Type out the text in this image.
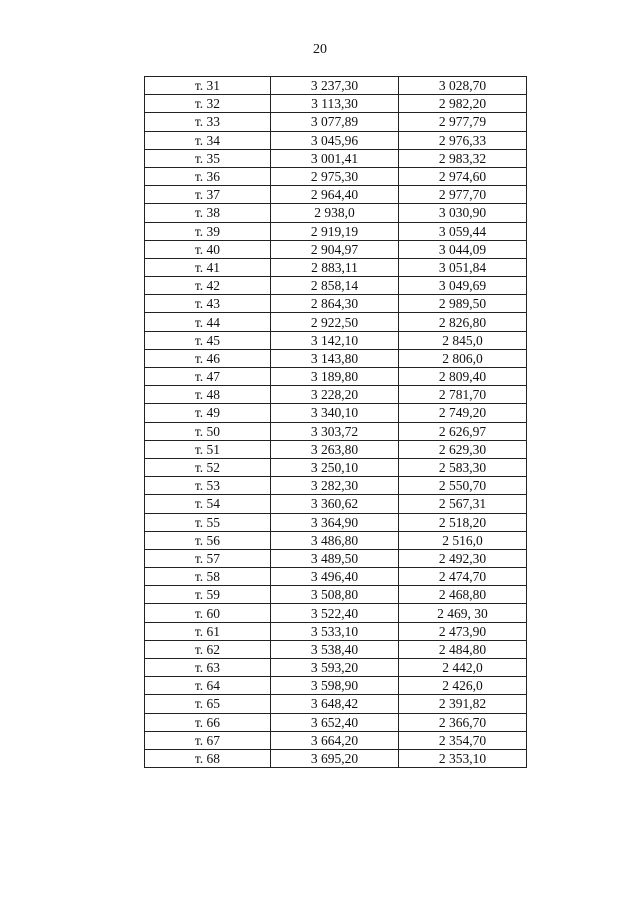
20
т. 31	3 237,30	3 028,70
т. 32	3 113,30	2 982,20
т. 33	3 077,89	2 977,79
т. 34	3 045,96	2 976,33
т. 35	3 001,41	2 983,32
т. 36	2 975,30	2 974,60
т. 37	2 964,40	2 977,70
т. 38	2 938,0	3 030,90
т. 39	2 919,19	3 059,44
т. 40	2 904,97	3 044,09
т. 41	2 883,11	3 051,84
т. 42	2 858,14	3 049,69
т. 43	2 864,30	2 989,50
т. 44	2 922,50	2 826,80
т. 45	3 142,10	2 845,0
т. 46	3 143,80	2 806,0
т. 47	3 189,80	2 809,40
т. 48	3 228,20	2 781,70
т. 49	3 340,10	2 749,20
т. 50	3 303,72	2 626,97
т. 51	3 263,80	2 629,30
т. 52	3 250,10	2 583,30
т. 53	3 282,30	2 550,70
т. 54	3 360,62	2 567,31
т. 55	3 364,90	2 518,20
т. 56	3 486,80	2 516,0
т. 57	3 489,50	2 492,30
т. 58	3 496,40	2 474,70
т. 59	3 508,80	2 468,80
т. 60	3 522,40	2 469, 30
т. 61	3 533,10	2 473,90
т. 62	3 538,40	2 484,80
т. 63	3 593,20	2 442,0
т. 64	3 598,90	2 426,0
т. 65	3 648,42	2 391,82
т. 66	3 652,40	2 366,70
т. 67	3 664,20	2 354,70
т. 68	3 695,20	2 353,10
